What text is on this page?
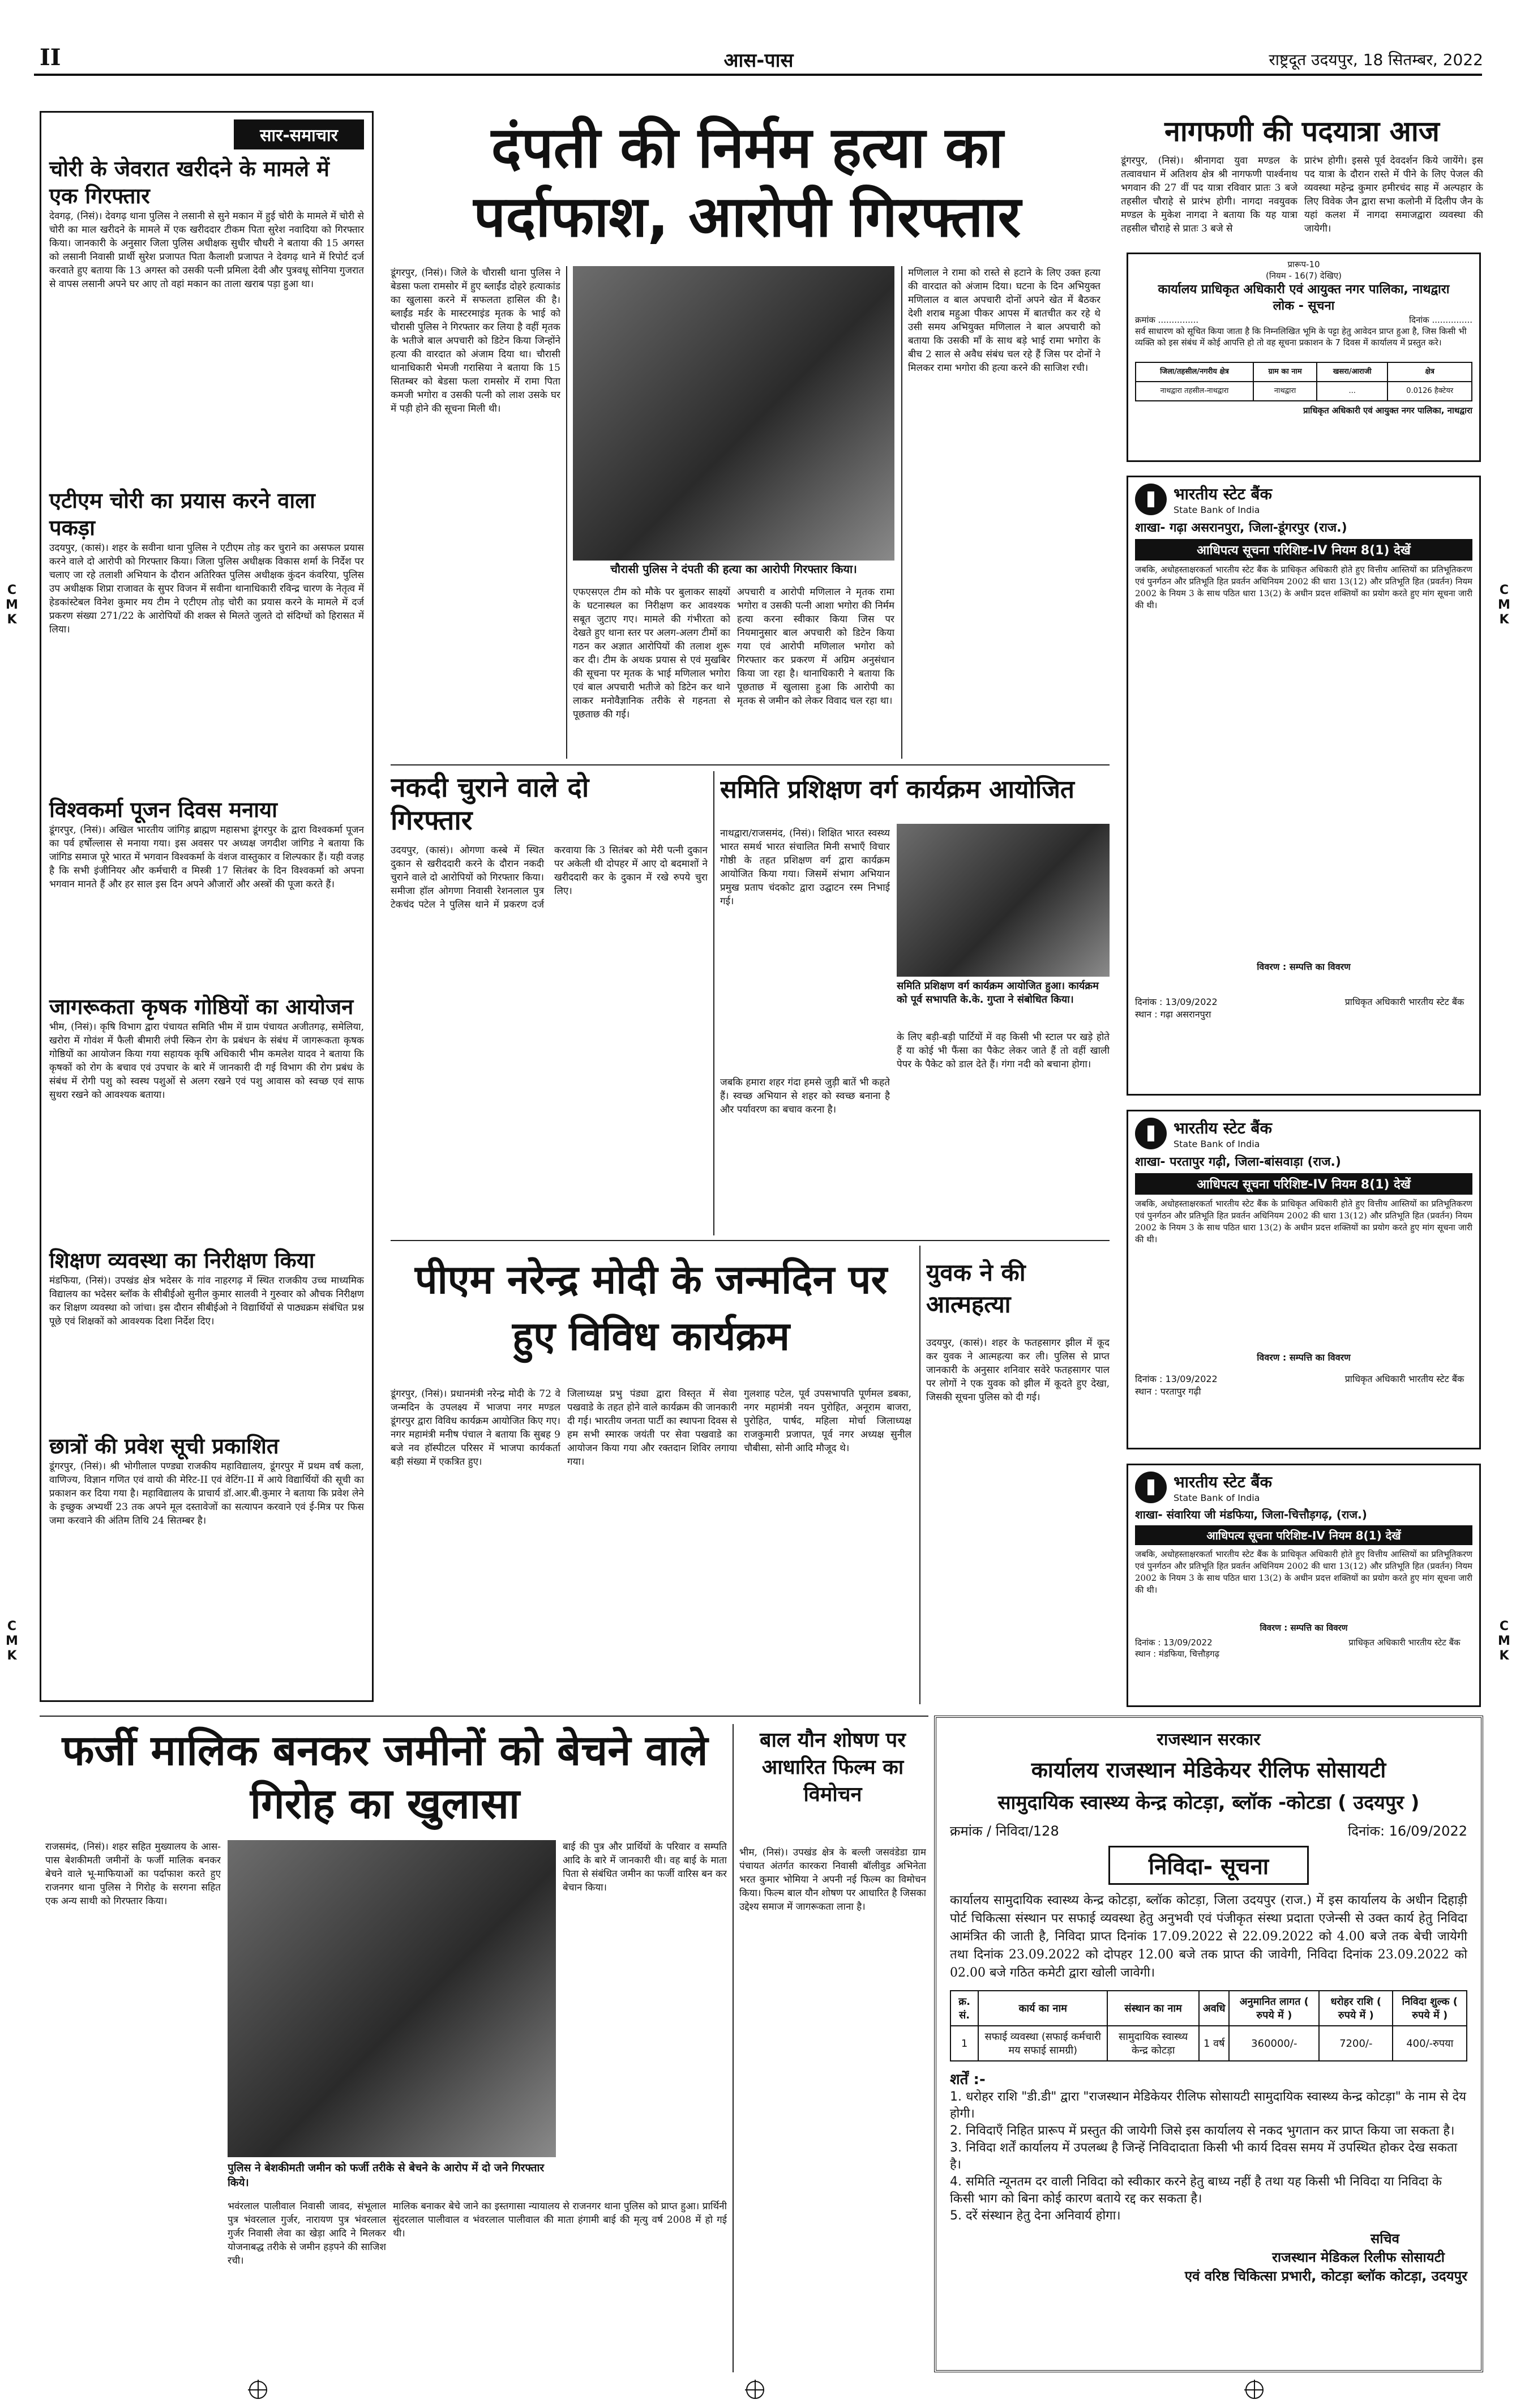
II	आस-पास	राष्ट्रदूत उदयपुर, 18 सितम्बर, 2022
C
M
K
C
M
K
C
M
K
C
M
K
सार-समाचार
चोरी के जेवरात खरीदने के मामले में एक गिरफ्तार
देवगढ़, (निसं)। देवगढ़ थाना पुलिस ने लसानी से सुने मकान में हुई चोरी के मामले में चोरी से चोरी का माल खरीदने के मामले में एक खरीददार टीकम पिता सुरेश नवादिया को गिरफ्तार किया। जानकारी के अनुसार जिला पुलिस अधीक्षक सुधीर चौधरी ने बताया की 15 अगस्त को लसानी निवासी प्रार्थी सुरेश प्रजापत पिता कैलाशी प्रजापत ने देवगढ़ थाने में रिपोर्ट दर्ज करवाते हुए बताया कि 13 अगस्त को उसकी पत्नी प्रमिला देवी और पुत्रवधू सोनिया गुजरात से वापस लसानी अपने घर आए तो वहां मकान का ताला खराब पड़ा हुआ था।
एटीएम चोरी का प्रयास करने वाला पकड़ा
उदयपुर, (कासं)। शहर के सवीना थाना पुलिस ने एटीएम तोड़ कर चुराने का असफल प्रयास करने वाले दो आरोपी को गिरफ्तार किया। जिला पुलिस अधीक्षक विकास शर्मा के निर्देश पर चलाए जा रहे तलाशी अभियान के दौरान अतिरिक्त पुलिस अधीक्षक कुंदन कंवरिया, पुलिस उप अधीक्षक शिप्रा राजावत के सुपर विजन में सवीना थानाधिकारी रविन्द्र चारण के नेतृत्व में हेडकांस्टेबल विनेश कुमार मय टीम ने एटीएम तोड़ चोरी का प्रयास करने के मामले में दर्ज प्रकरण संख्या 271/22 के आरोपियों की शक्ल से मिलते जुलते दो संदिग्धों को हिरासत में लिया।
विश्वकर्मा पूजन दिवस मनाया
डूंगरपुर, (निसं)। अखिल भारतीय जांगिड़ ब्राह्मण महासभा डूंगरपुर के द्वारा विश्वकर्मा पूजन का पर्व हर्षोल्लास से मनाया गया। इस अवसर पर अध्यक्ष जगदीश जांगिड ने बताया कि जांगिड समाज पूरे भारत में भगवान विश्वकर्मा के वंशज वास्तुकार व शिल्पकार हैं। यही वजह है कि सभी इंजीनियर और कर्मचारी व मिस्त्री 17 सितंबर के दिन विश्वकर्मा को अपना भगवान मानते हैं और हर साल इस दिन अपने औजारों और अस्त्रों की पूजा करते हैं।
जागरूकता कृषक गोष्ठियों का आयोजन
भीम, (निसं)। कृषि विभाग द्वारा पंचायत समिति भीम में ग्राम पंचायत अजीतगढ़, समेलिया, खरोरा में गोवंश में फैली बीमारी लंपी स्किन रोग के प्रबंधन के संबंध में जागरूकता कृषक गोष्ठियों का आयोजन किया गया सहायक कृषि अधिकारी भीम कमलेश यादव ने बताया कि कृषकों को रोग के बचाव एवं उपचार के बारे में जानकारी दी गई विभाग की रोग प्रबंध के संबंध में रोगी पशु को स्वस्थ पशुओं से अलग रखने एवं पशु आवास को स्वच्छ एवं साफ सुथरा रखने को आवश्यक बताया।
शिक्षण व्यवस्था का निरीक्षण किया
मंडफिया, (निसं)। उपखंड क्षेत्र भदेसर के गांव नाहरगढ़ में स्थित राजकीय उच्च माध्यमिक विद्यालय का भदेसर ब्लॉक के सीबीईओ सुनील कुमार सालवी ने गुरुवार को औचक निरीक्षण कर शिक्षण व्यवस्था को जांचा। इस दौरान सीबीईओ ने विद्यार्थियों से पाठ्यक्रम संबंधित प्रश्न पूछे एवं शिक्षकों को आवश्यक दिशा निर्देश दिए।
छात्रों की प्रवेश सूची प्रकाशित
डूंगरपुर, (निसं)। श्री भोगीलाल पण्ड्या राजकीय महाविद्यालय, डूंगरपुर में प्रथम वर्ष कला, वाणिज्य, विज्ञान गणित एवं वायो की मेरिट-II एवं वेटिंग-II में आये विद्यार्थियों की सूची का प्रकाशन कर दिया गया है। महाविद्यालय के प्राचार्य डॉ.आर.बी.कुमार ने बताया कि प्रवेश लेने के इच्छुक अभ्यर्थी 23 तक अपने मूल दस्तावेजों का सत्यापन करवाने एवं ई-मित्र पर फिस जमा करवाने की अंतिम तिथि 24 सितम्बर है।
दंपती की निर्मम हत्या का पर्दाफाश, आरोपी गिरफ्तार
डूंगरपुर, (निसं)। जिले के चौरासी थाना पुलिस ने बेडसा फला रामसोर में हुए ब्लाईंड दोहरे हत्याकांड का खुलासा करने में सफलता हासिल की है। ब्लाईंड मर्डर के मास्टरमाइंड मृतक के भाई को चौरासी पुलिस ने गिरफ्तार कर लिया है वहीं मृतक के भतीजे बाल अपचारी को डिटेन किया जिन्होंने हत्या की वारदात को अंजाम दिया था। चौरासी थानाधिकारी भेमजी गरासिया ने बताया कि 15 सितम्बर को बेडसा फला रामसोर में रामा पिता कमजी भगोरा व उसकी पत्नी को लाश उसके घर में पड़ी होने की सूचना मिली थी।
चौरासी पुलिस ने दंपती की हत्या का आरोपी गिरफ्तार किया।
एफएसएल टीम को मौके पर बुलाकर साक्ष्यों के घटनास्थल का निरीक्षण कर आवश्यक सबूत जुटाए गए। मामले की गंभीरता को देखते हुए थाना स्तर पर अलग-अलग टीमों का गठन कर अज्ञात आरोपियों की तलाश शुरू कर दी। टीम के अथक प्रयास से एवं मुखबिर की सूचना पर मृतक के भाई मणिलाल भगोरा एवं बाल अपचारी भतीजे को डिटेन कर थाने लाकर मनोवैज्ञानिक तरीके से गहनता से पूछताछ की गई।
अपचारी व आरोपी मणिलाल ने मृतक रामा भगोरा व उसकी पत्नी आशा भगोरा की निर्मम हत्या करना स्वीकार किया जिस पर नियमानुसार बाल अपचारी को डिटेन किया गया एवं आरोपी मणिलाल भगोरा को गिरफ्तार कर प्रकरण में अग्रिम अनुसंधान किया जा रहा है। थानाधिकारी ने बताया कि पूछताछ में खुलासा हुआ कि आरोपी का मृतक से जमीन को लेकर विवाद चल रहा था।
मणिलाल ने रामा को रास्ते से हटाने के लिए उक्त हत्या की वारदात को अंजाम दिया। घटना के दिन अभियुक्त मणिलाल व बाल अपचारी दोनों अपने खेत में बैठकर देशी शराब महुआ पीकर आपस में बातचीत कर रहे थे उसी समय अभियुक्त मणिलाल ने बाल अपचारी को बताया कि उसकी माँ के साथ बड़े भाई रामा भगोरा के बीच 2 साल से अवैध संबंध चल रहे हैं जिस पर दोनों ने मिलकर रामा भगोरा की हत्या करने की साजिश रची।
नागफणी की पदयात्रा आज
डूंगरपुर, (निसं)। श्रीनागदा युवा मण्डल के तत्वावधान में अतिशय क्षेत्र श्री नागफणी पार्श्वनाथ भगवान की 27 वीं पद यात्रा रविवार प्रातः 3 बजे तहसील चौराहे से प्रारंभ होगी। नागदा नवयुवक मण्डल के मुकेश नागदा ने बताया कि यह यात्रा तहसील चौराहे से प्रातः 3 बजे से
प्रारंभ होगी। इससे पूर्व देवदर्शन किये जायेंगे। इस पद यात्रा के दौरान रास्ते में पीने के लिए पेजल की व्यवस्था महेन्द्र कुमार हमीरचंद साह में अल्पहार के लिए विवेक जैन द्वारा सभा कलोनी में दिलीप जैन के यहां कलश में नागदा समाजद्वारा व्यवस्था की जायेगी।
प्रारूप-10
(नियम - 16(7) देखिए)
कार्यालय प्राधिकृत अधिकारी एवं आयुक्त नगर पालिका, नाथद्वारा
लोक - सूचना
क्रमांक ...............	दिनांक ...............
सर्व साधारण को सूचित किया जाता है कि निम्नलिखित भूमि के पट्टा हेतु आवेदन प्राप्त हुआ है, जिस किसी भी व्यक्ति को इस संबंध में कोई आपत्ति हो तो वह सूचना प्रकाशन के 7 दिवस में कार्यालय में प्रस्तुत करे।
जिला/तहसील/नगरीय क्षेत्र	ग्राम का नाम	खसरा/आराजी	क्षेत्र
नाथद्वारा तहसील-नाथद्वारा	नाथद्वारा	...	0.0126 हैक्टेयर
प्राधिकृत अधिकारी एवं आयुक्त नगर पालिका, नाथद्वारा
भारतीय स्टेट बैंक
State Bank of India
शाखा- गढ़ा असरानपुरा, जिला-डूंगरपुर (राज.)
आधिपत्य सूचना परिशिष्ट-IV नियम 8(1) देखें
जबकि, अधोहस्ताक्षरकर्ता भारतीय स्टेट बैंक के प्राधिकृत अधिकारी होते हुए वित्तीय आस्तियों का प्रतिभूतिकरण एवं पुनर्गठन और प्रतिभूति हित प्रवर्तन अधिनियम 2002 की धारा 13(12) और प्रतिभूति हित (प्रवर्तन) नियम 2002 के नियम 3 के साथ पठित धारा 13(2) के अधीन प्रदत्त शक्तियों का प्रयोग करते हुए मांग सूचना जारी की थी।
विवरण : सम्पत्ति का विवरण
दिनांक : 13/09/2022
स्थान : गढ़ा असरानपुरा
प्राधिकृत अधिकारी भारतीय स्टेट बैंक
भारतीय स्टेट बैंक
State Bank of India
शाखा- परतापुर गढ़ी, जिला-बांसवाड़ा (राज.)
आधिपत्य सूचना परिशिष्ट-IV नियम 8(1) देखें
जबकि, अधोहस्ताक्षरकर्ता भारतीय स्टेट बैंक के प्राधिकृत अधिकारी होते हुए वित्तीय आस्तियों का प्रतिभूतिकरण एवं पुनर्गठन और प्रतिभूति हित प्रवर्तन अधिनियम 2002 की धारा 13(12) और प्रतिभूति हित (प्रवर्तन) नियम 2002 के नियम 3 के साथ पठित धारा 13(2) के अधीन प्रदत्त शक्तियों का प्रयोग करते हुए मांग सूचना जारी की थी।
विवरण : सम्पत्ति का विवरण
दिनांक : 13/09/2022
स्थान : परतापुर गढ़ी
प्राधिकृत अधिकारी भारतीय स्टेट बैंक
भारतीय स्टेट बैंक
State Bank of India
शाखा- संवारिया जी मंडफिया, जिला-चित्तौड़गढ़, (राज.)
आधिपत्य सूचना परिशिष्ट-IV नियम 8(1) देखें
जबकि, अधोहस्ताक्षरकर्ता भारतीय स्टेट बैंक के प्राधिकृत अधिकारी होते हुए वित्तीय आस्तियों का प्रतिभूतिकरण एवं पुनर्गठन और प्रतिभूति हित प्रवर्तन अधिनियम 2002 की धारा 13(12) और प्रतिभूति हित (प्रवर्तन) नियम 2002 के नियम 3 के साथ पठित धारा 13(2) के अधीन प्रदत्त शक्तियों का प्रयोग करते हुए मांग सूचना जारी की थी।
विवरण : सम्पत्ति का विवरण
दिनांक : 13/09/2022
स्थान : मंडफिया, चित्तौड़गढ़
प्राधिकृत अधिकारी भारतीय स्टेट बैंक
नकदी चुराने वाले दो गिरफ्तार
उदयपुर, (कासं)। ओगणा कस्बे में स्थित दुकान से खरीददारी करने के दौरान नकदी चुराने वाले दो आरोपियों को गिरफ्तार किया। समीजा हॉल ओगणा निवासी रेशनलाल पुत्र टेकचंद पटेल ने पुलिस थाने में प्रकरण दर्ज करवाया कि 3 सितंबर को मेरी पत्नी दुकान पर अकेली थी दोपहर में आए दो बदमाशों ने खरीददारी कर के दुकान में रखे रुपये चुरा लिए।
समिति प्रशिक्षण वर्ग कार्यक्रम आयोजित
नाथद्वारा/राजसमंद, (निसं)। शिक्षित भारत स्वस्थ्य भारत समर्थ भारत संचालित मिनी सभाएँ विचार गोष्ठी के तहत प्रशिक्षण वर्ग द्वारा कार्यक्रम आयोजित किया गया। जिसमें संभाग अभियान प्रमुख प्रताप चंदकोट द्वारा उद्घाटन रस्म निभाई गई।
समिति प्रशिक्षण वर्ग कार्यक्रम आयोजित हुआ। कार्यक्रम को पूर्व सभापति के.के. गुप्ता ने संबोधित किया।
के लिए बड़ी-बड़ी पार्टियों में वह किसी भी स्टाल पर खड़े होते हैं या कोई भी फैंसा का पैकेट लेकर जाते हैं तो वहीं खाली पेपर के पैकेट को डाल देते हैं। गंगा नदी को बचाना होगा।
जबकि हमारा शहर गंदा हमसे जुड़ी बातें भी कहते हैं। स्वच्छ अभियान से शहर को स्वच्छ बनाना है और पर्यावरण का बचाव करना है।
पीएम नरेन्द्र मोदी के जन्मदिन पर हुए विविध कार्यक्रम
डूंगरपुर, (निसं)। प्रधानमंत्री नरेन्द्र मोदी के 72 वे जन्मदिन के उपलक्ष्य में भाजपा नगर मण्डल डूंगरपुर द्वारा विविध कार्यक्रम आयोजित किए गए। नगर महामंत्री मनीष पंचाल ने बताया कि सुबह 9 बजे नव हॉस्पीटल परिसर में भाजपा कार्यकर्ता बड़ी संख्या में एकत्रित हुए।
जिलाध्यक्ष प्रभु पंड्या द्वारा विस्तृत में सेवा पखवाडे के तहत होने वाले कार्यक्रम की जानकारी दी गई। भारतीय जनता पार्टी का स्थापना दिवस से हम सभी स्मारक जयंती पर सेवा पखवाडे का आयोजन किया गया और रक्तदान शिविर लगाया गया।
गुलशाह पटेल, पूर्व उपसभापति पूर्णमल डबका, नगर महामंत्री नयन पुरोहित, अनूराम बाजरा, पुरोहित, पार्षद, महिला मोर्चा जिलाध्यक्ष राजकुमारी प्रजापत, पूर्व नगर अध्यक्ष सुनील चौबीसा, सोनी आदि मौजूद थे।
युवक ने की आत्महत्या
उदयपुर, (कासं)। शहर के फतहसागर झील में कूद कर युवक ने आत्महत्या कर ली। पुलिस से प्राप्त जानकारी के अनुसार शनिवार सवेरे फतहसागर पाल पर लोगों ने एक युवक को झील में कूदते हुए देखा, जिसकी सूचना पुलिस को दी गई।
फर्जी मालिक बनकर जमीनों को बेचने वाले गिरोह का खुलासा
राजसमंद, (निसं)। शहर सहित मुख्यालय के आस-पास बेशकीमती जमीनों के फर्जी मालिक बनकर बेचने वाले भू-माफियाओं का पर्दाफाश करते हुए राजनगर थाना पुलिस ने गिरोह के सरगना सहित एक अन्य साथी को गिरफ्तार किया।
पुलिस ने बेशकीमती जमीन को फर्जी तरीके से बेचने के आरोप में दो जने गिरफ्तार किये।
भवंरलाल पालीवाल निवासी जावद, संभूलाल पुत्र भंवरलाल गुर्जर, नारायण पुत्र भंवरलाल गुर्जर निवासी लेवा का खेड़ा आदि ने मिलकर योजनाबद्ध तरीके से जमीन हड़पने की साजिश रची।
बाई की पुत्र और प्रार्थियों के परिवार व सम्पति आदि के बारे में जानकारी थी। वह बाई के माता पिता से संबंधित जमीन का फर्जी वारिस बन कर बेचान किया।
मालिक बनाकर बेचे जाने का इस्तगासा न्यायालय से राजनगर थाना पुलिस को प्राप्त हुआ। प्रार्थिनी सुंदरलाल पालीवाल व भंवरलाल पालीवाल की माता हंगामी बाई की मृत्यु वर्ष 2008 में हो गई थी।
बाल यौन शोषण पर आधारित फिल्म का विमोचन
भीम, (निसं)। उपखंड क्षेत्र के बल्ली जसवंडेडा ग्राम पंचायत अंतर्गत कारकरा निवासी बॉलीवुड अभिनेता भरत कुमार भोमिया ने अपनी नई फिल्म का विमोचन किया। फिल्म बाल यौन शोषण पर आधारित है जिसका उद्देश्य समाज में जागरूकता लाना है।
राजस्थान सरकार
कार्यालय राजस्थान मेडिकेयर रीलिफ सोसायटी
सामुदायिक स्वास्थ्य केन्द्र कोटड़ा, ब्लॉक -कोटडा ( उदयपुर )
क्रमांक / निविदा/128	दिनांक: 16/09/2022
निविदा- सूचना
कार्यालय सामुदायिक स्वास्थ्य केन्द्र कोटड़ा, ब्लॉक कोटड़ा, जिला उदयपुर (राज.) में इस कार्यालय के अधीन दिहाड़ी पोर्ट चिकित्सा संस्थान पर सफाई व्यवस्था हेतु अनुभवी एवं पंजीकृत संस्था प्रदाता एजेन्सी से उक्त कार्य हेतु निविदा आमंत्रित की जाती है, निविदा प्राप्त दिनांक 17.09.2022 से 22.09.2022 को 4.00 बजे तक बेची जायेगी तथा दिनांक 23.09.2022 को दोपहर 12.00 बजे तक प्राप्त की जावेगी, निविदा दिनांक 23.09.2022 को 02.00 बजे गठित कमेटी द्वारा खोली जावेगी।
क्र. सं.	कार्य का नाम	संस्थान का नाम	अवधि	अनुमानित लागत ( रुपये में )	धरोहर राशि ( रुपये में )	निविदा शुल्क ( रुपये में )
1	सफाई व्यवस्था (सफाई कर्मचारी मय सफाई सामग्री)	सामुदायिक स्वास्थ्य केन्द्र कोटड़ा	1 वर्ष	360000/-	7200/-	400/-रुपया
शर्तें :-
1. धरोहर राशि "डी.डी" द्वारा "राजस्थान मेडिकेयर रीलिफ सोसायटी सामुदायिक स्वास्थ्य केन्द्र कोटड़ा" के नाम से देय होगी।
2. निविदाएँ निहित प्रारूप में प्रस्तुत की जायेगी जिसे इस कार्यालय से नकद भुगतान कर प्राप्त किया जा सकता है।
3. निविदा शर्तें कार्यालय में उपलब्ध है जिन्हें निविदादाता किसी भी कार्य दिवस समय में उपस्थित होकर देख सकता है।
4. समिति न्यूनतम दर वाली निविदा को स्वीकार करने हेतु बाध्य नहीं है तथा यह किसी भी निविदा या निविदा के किसी भाग को बिना कोई कारण बताये रद्द कर सकता है।
5. दरें संस्थान हेतु देना अनिवार्य होगा।
सचिव
राजस्थान मेडिकल रिलीफ सोसायटी
एवं वरिष्ठ चिकित्सा प्रभारी, कोटड़ा ब्लॉक कोटड़ा, उदयपुर
